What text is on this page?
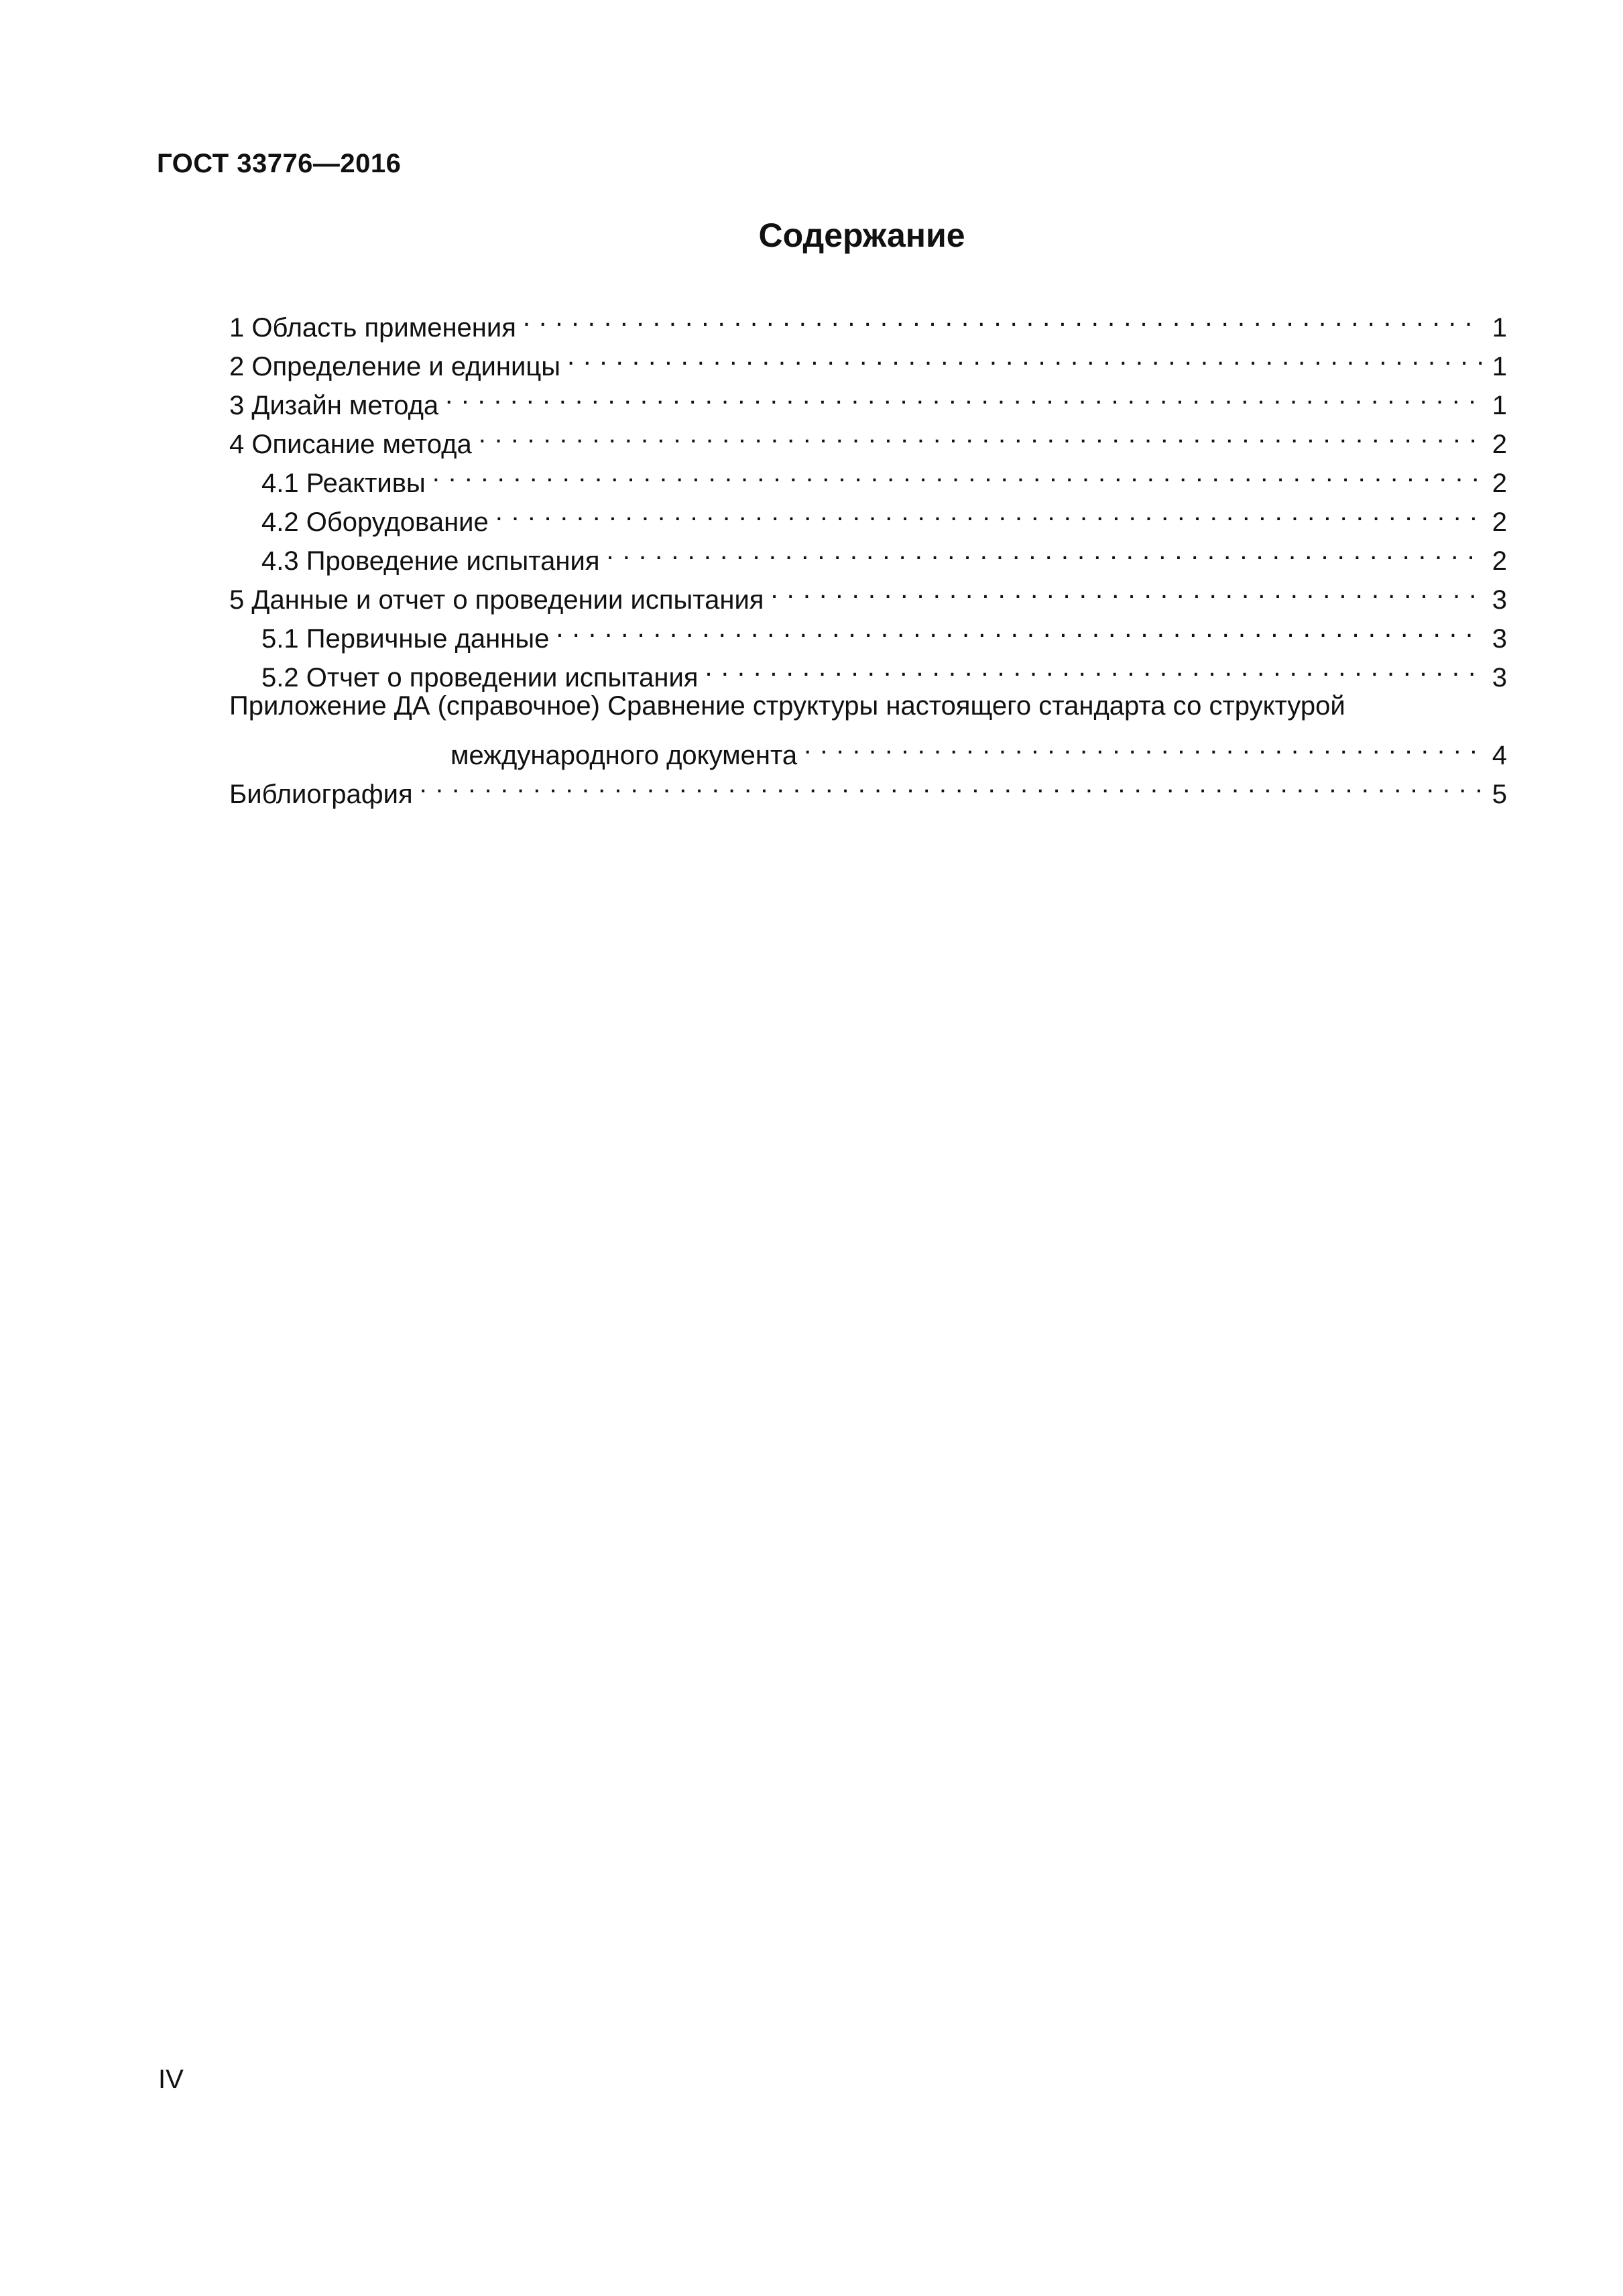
ГОСТ 33776—2016
Содержание
1 Область применения . . .	1
2 Определение и единицы . . .	1
3 Дизайн метода . . .	1
4 Описание метода . . .	2
4.1 Реактивы . . .	2
4.2 Оборудование . . .	2
4.3 Проведение испытания . . .	2
5 Данные и отчет о проведении испытания . . .	3
5.1 Первичные данные . . .	3
5.2 Отчет о проведении испытания . . .	3
Приложение ДА (справочное) Сравнение структуры настоящего стандарта со структурой
международного документа . . .	4
Библиография . . .	5
IV
